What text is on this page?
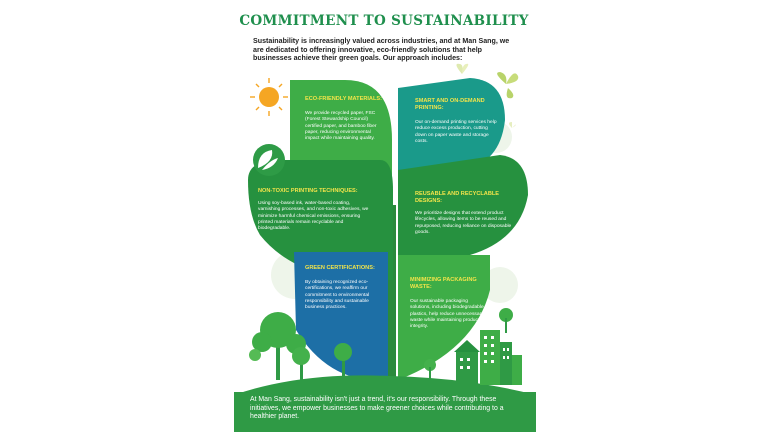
COMMITMENT TO SUSTAINABILITY
Sustainability is increasingly valued across industries, and at Man Sang, we are dedicated to offering innovative, eco-friendly solutions that help businesses achieve their green goals. Our approach includes:
ECO-FRIENDLY MATERIALS:
We provide recycled paper, FSC (Forest Stewardship Council) certified paper, and bamboo fiber paper, reducing environmental impact while maintaining quality.
SMART AND ON-DEMAND PRINTING:
Our on-demand printing services help reduce excess production, cutting down on paper waste and storage costs.
NON-TOXIC PRINTING TECHNIQUES:
Using soy-based ink, water-based coating, varnishing processes, and non-toxic adhesives, we minimize harmful chemical emissions, ensuring printed materials remain recyclable and biodegradable.
REUSABLE AND RECYCLABLE DESIGNS:
We prioritize designs that extend product lifecycles, allowing items to be reused and repurposed, reducing reliance on disposable goods.
GREEN CERTIFICATIONS:
By obtaining recognized eco-certifications, we reaffirm our commitment to environmental responsibility and sustainable business practices.
MINIMIZING PACKAGING WASTE:
Our sustainable packaging solutions, including biodegradable plastics, help reduce unnecessary waste while maintaining product integrity.
At Man Sang, sustainability isn't just a trend, it's our responsibility. Through these initiatives, we empower businesses to make greener choices while contributing to a healthier planet.
